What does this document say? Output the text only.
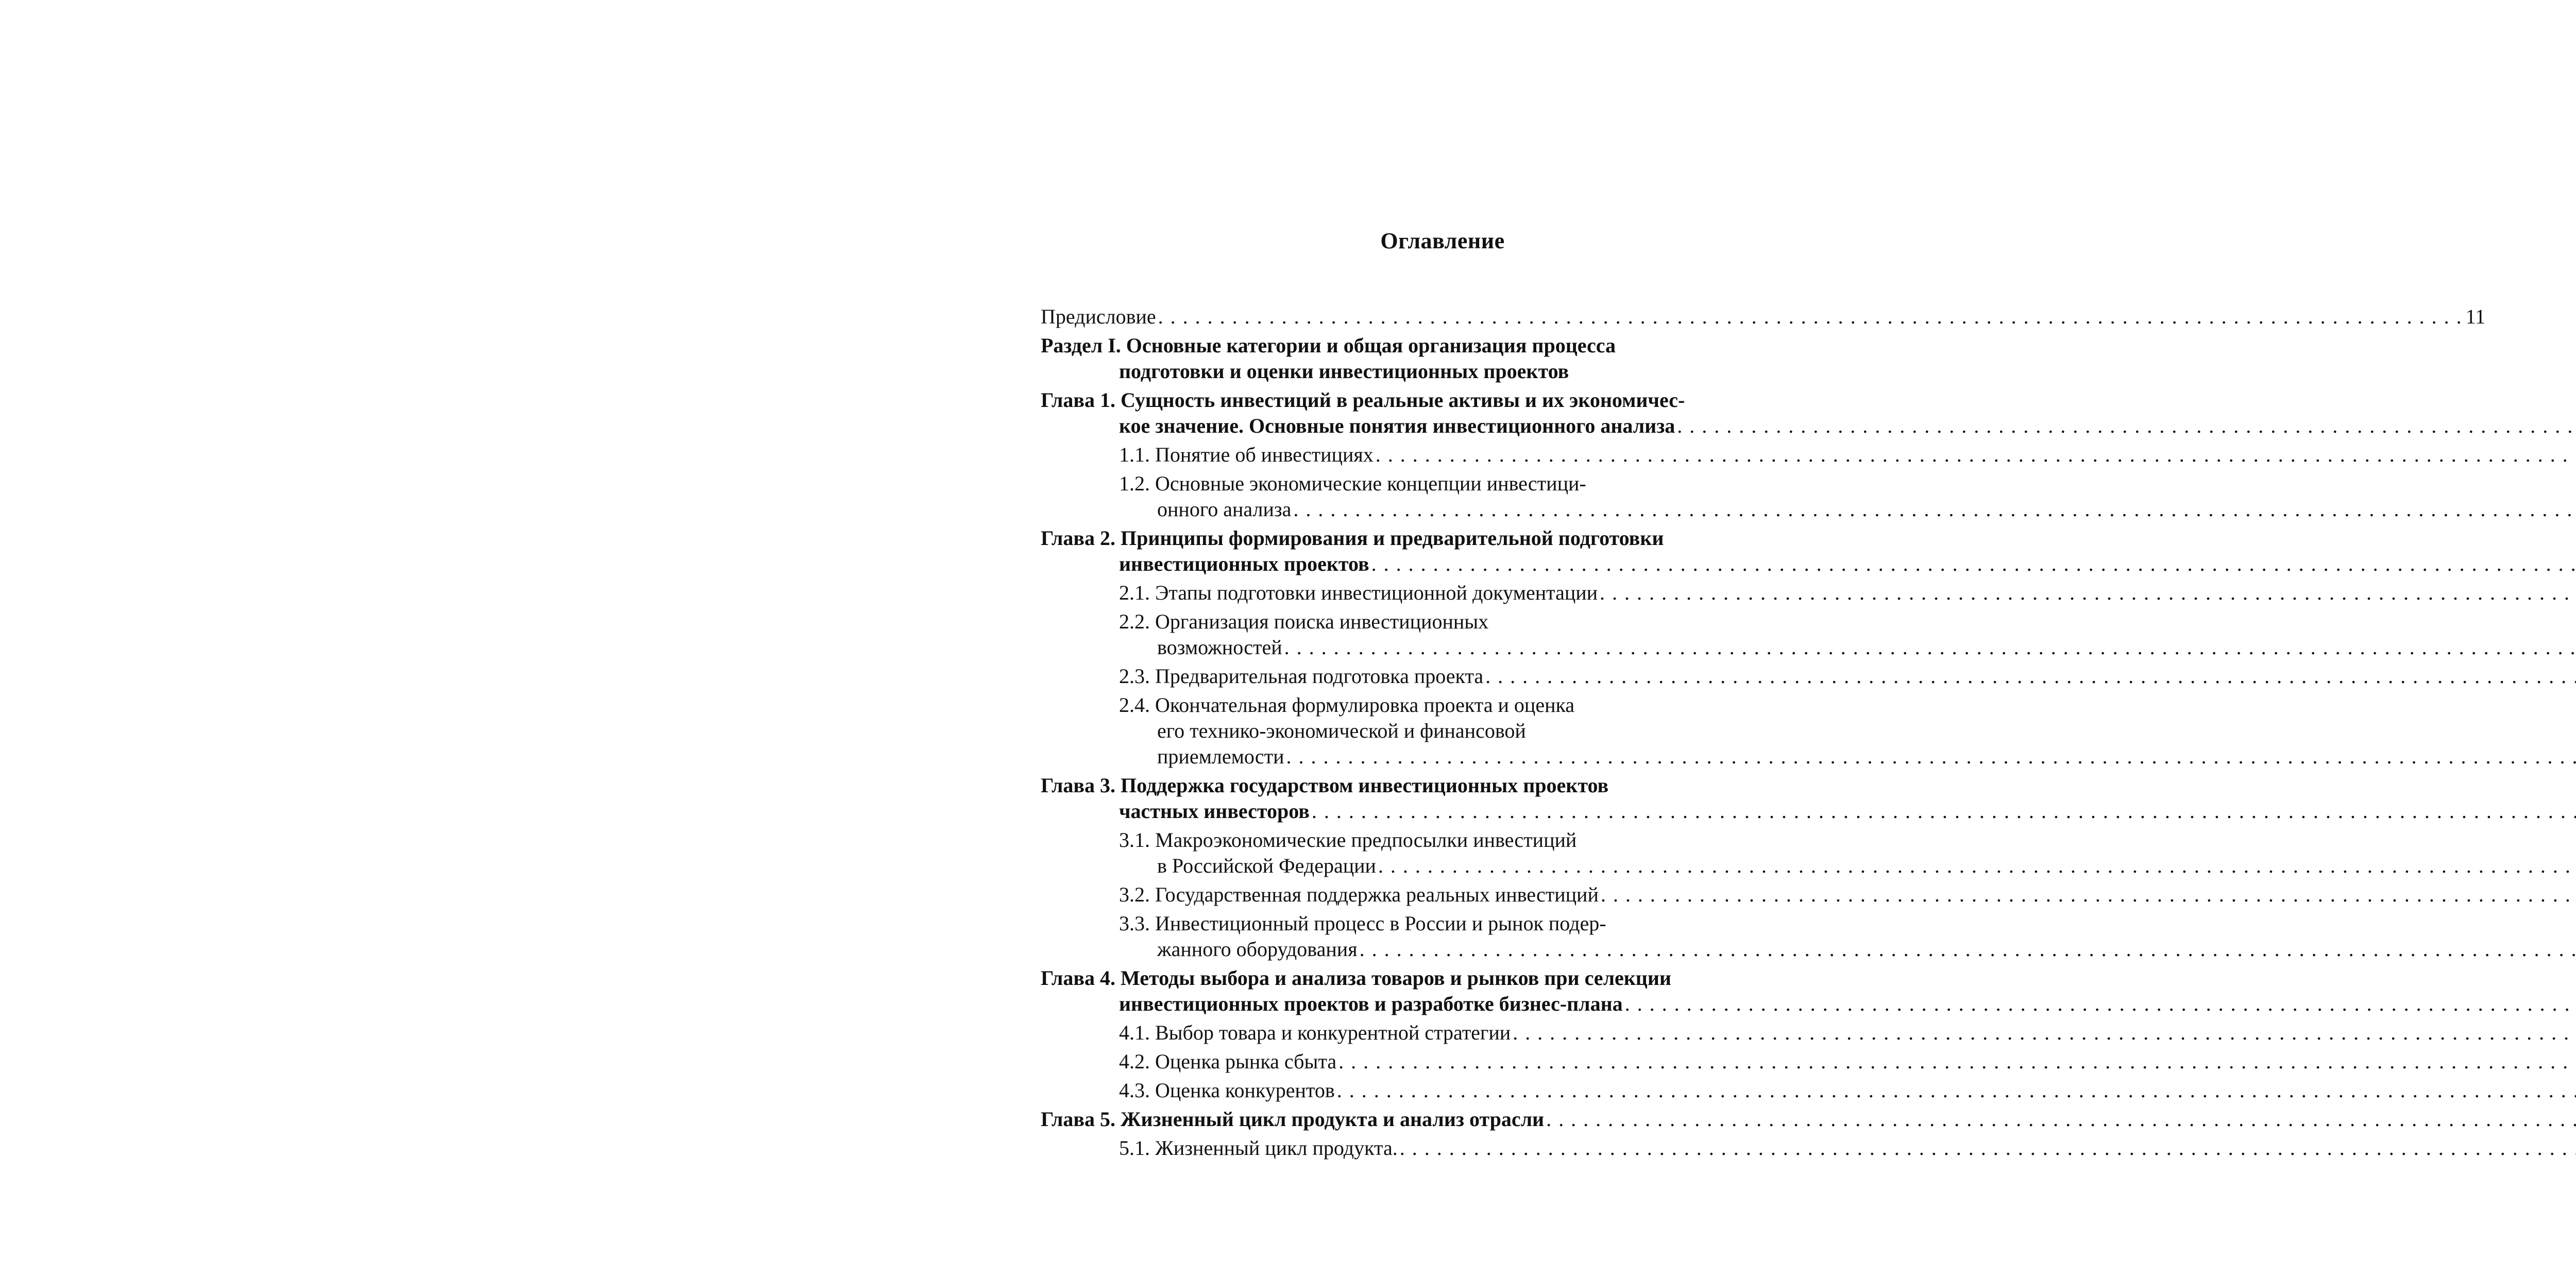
Оглавление
Предисловие. . .	11
Раздел I. Основные категории и общая организация процесса
подготовки и оценки инвестиционных проектов
Глава 1. Сущность инвестиций в реальные активы и их экономичес-
кое значение. Основные понятия инвестиционного анализа. . .
1.1. Понятие об инвестициях. . .
1.2. Основные экономические концепции инвестици-
онного анализа. . .
Глава 2. Принципы формирования и предварительной подготовки
инвестиционных проектов. . .
2.1. Этапы подготовки инвестиционной документации. . .
2.2. Организация поиска инвестиционных
возможностей. . .
2.3. Предварительная подготовка проекта. . .
2.4. Окончательная формулировка проекта и оценка
его технико-экономической и финансовой
приемлемости. . .
Глава 3. Поддержка государством инвестиционных проектов
частных инвесторов. . .
3.1. Макроэкономические предпосылки инвестиций
в Российской Федерации. . .
3.2. Государственная поддержка реальных инвестиций. . .
3.3. Инвестиционный процесс в России и рынок подер-
жанного оборудования. . .
Глава 4. Методы выбора и анализа товаров и рынков при селекции
инвестиционных проектов и разработке бизнес-плана. . .
4.1. Выбор товара и конкурентной стратегии. . .
4.2. Оценка рынка сбыта. . .
4.3. Оценка конкурентов. . .
Глава 5. Жизненный цикл продукта и анализ отрасли. . .
5.1. Жизненный цикл продукта.. . .
